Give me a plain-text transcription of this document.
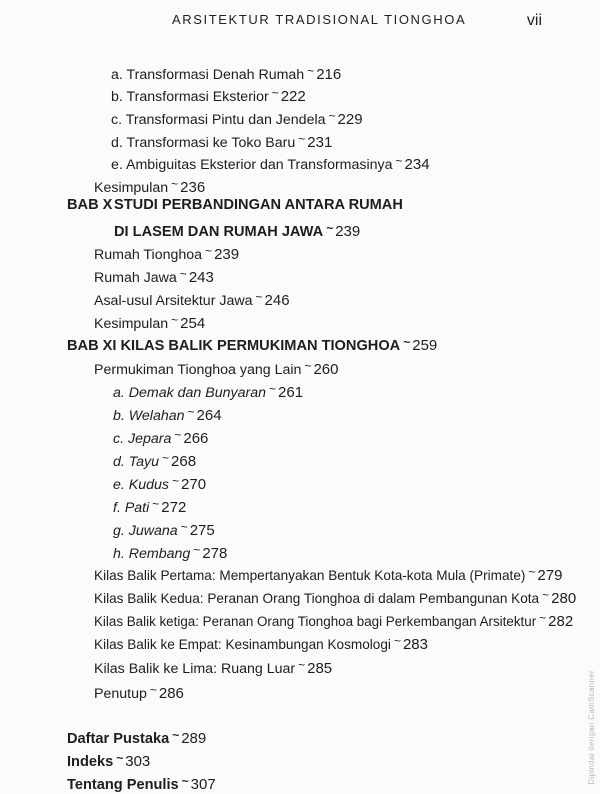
ARSITEKTUR TRADISIONAL TIONGHOA	vii
a. Transformasi Denah Rumah ~ 216
b. Transformasi Eksterior ~ 222
c. Transformasi Pintu dan Jendela ~ 229
d. Transformasi ke Toko Baru ~ 231
e. Ambiguitas Eksterior dan Transformasinya ~ 234
Kesimpulan ~ 236
BAB X STUDI PERBANDINGAN ANTARA RUMAH
DI LASEM DAN RUMAH JAWA ~ 239
Rumah Tionghoa ~ 239
Rumah Jawa ~ 243
Asal-usul Arsitektur Jawa ~ 246
Kesimpulan ~ 254
BAB XI KILAS BALIK PERMUKIMAN TIONGHOA ~ 259
Permukiman Tionghoa yang Lain ~ 260
a. Demak dan Bunyaran ~ 261
b. Welahan ~ 264
c. Jepara ~ 266
d. Tayu ~ 268
e. Kudus ~ 270
f. Pati ~ 272
g. Juwana ~ 275
h. Rembang ~ 278
Kilas Balik Pertama: Mempertanyakan Bentuk Kota-kota Mula (Primate) ~ 279
Kilas Balik Kedua: Peranan Orang Tionghoa di dalam Pembangunan Kota ~ 280
Kilas Balik ketiga: Peranan Orang Tionghoa bagi Perkembangan Arsitektur ~ 282
Kilas Balik ke Empat: Kesinambungan Kosmologi ~ 283
Kilas Balik ke Lima: Ruang Luar ~ 285
Penutup ~ 286
Daftar Pustaka ~ 289
Indeks ~ 303
Tentang Penulis ~ 307	Dipindai dengan CamScanner
